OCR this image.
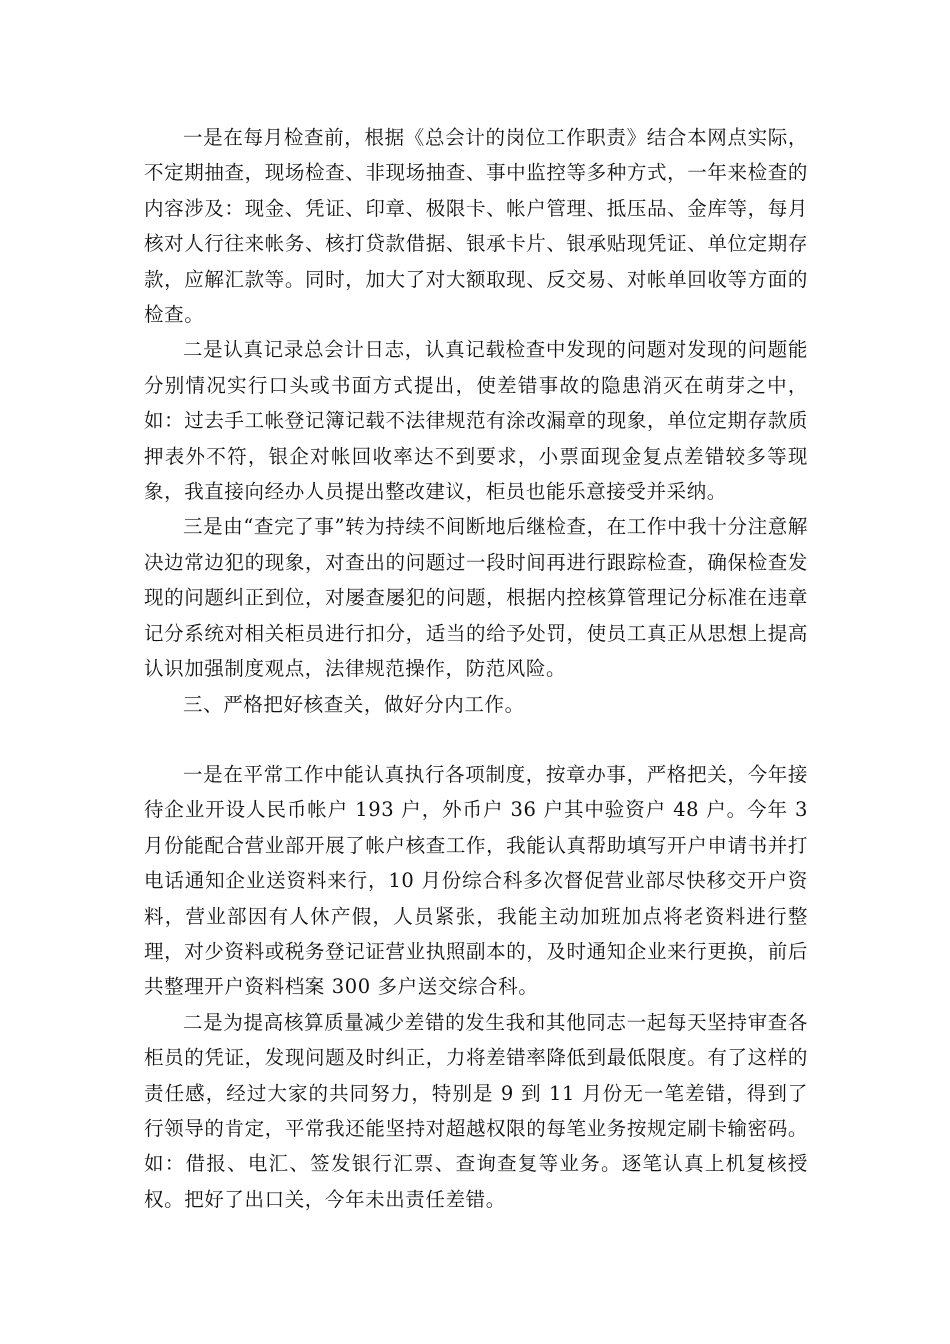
一是在每月检查前，根据《总会计的岗位工作职责》结合本网点实际，不定期抽查，现场检查、非现场抽查、事中监控等多种方式，一年来检查的内容涉及：现金、凭证、印章、极限卡、帐户管理、抵压品、金库等，每月核对人行往来帐务、核打贷款借据、银承卡片、银承贴现凭证、单位定期存款，应解汇款等。同时，加大了对大额取现、反交易、对帐单回收等方面的检查。

二是认真记录总会计日志，认真记载检查中发现的问题对发现的问题能分别情况实行口头或书面方式提出，使差错事故的隐患消灭在萌芽之中，如：过去手工帐登记簿记载不法律规范有涂改漏章的现象，单位定期存款质押表外不符，银企对帐回收率达不到要求，小票面现金复点差错较多等现象，我直接向经办人员提出整改建议，柜员也能乐意接受并采纳。

三是由“查完了事”转为持续不间断地后继检查，在工作中我十分注意解决边常边犯的现象，对查出的问题过一段时间再进行跟踪检查，确保检查发现的问题纠正到位，对屡查屡犯的问题，根据内控核算管理记分标准在违章记分系统对相关柜员进行扣分，适当的给予处罚，使员工真正从思想上提高认识加强制度观点，法律规范操作，防范风险。

三、严格把好核查关，做好分内工作。

一是在平常工作中能认真执行各项制度，按章办事，严格把关，今年接待企业开设人民币帐户 193 户，外币户 36 户其中验资户 48 户。今年 3 月份能配合营业部开展了帐户核查工作，我能认真帮助填写开户申请书并打电话通知企业送资料来行，10 月份综合科多次督促营业部尽快移交开户资料，营业部因有人休产假，人员紧张，我能主动加班加点将老资料进行整理，对少资料或税务登记证营业执照副本的，及时通知企业来行更换，前后共整理开户资料档案 300 多户送交综合科。

二是为提高核算质量减少差错的发生我和其他同志一起每天坚持审查各柜员的凭证，发现问题及时纠正，力将差错率降低到最低限度。有了这样的责任感，经过大家的共同努力，特别是 9 到 11 月份无一笔差错，得到了行领导的肯定，平常我还能坚持对超越权限的每笔业务按规定刷卡输密码。如：借报、电汇、签发银行汇票、查询查复等业务。逐笔认真上机复核授权。把好了出口关，今年未出责任差错。
